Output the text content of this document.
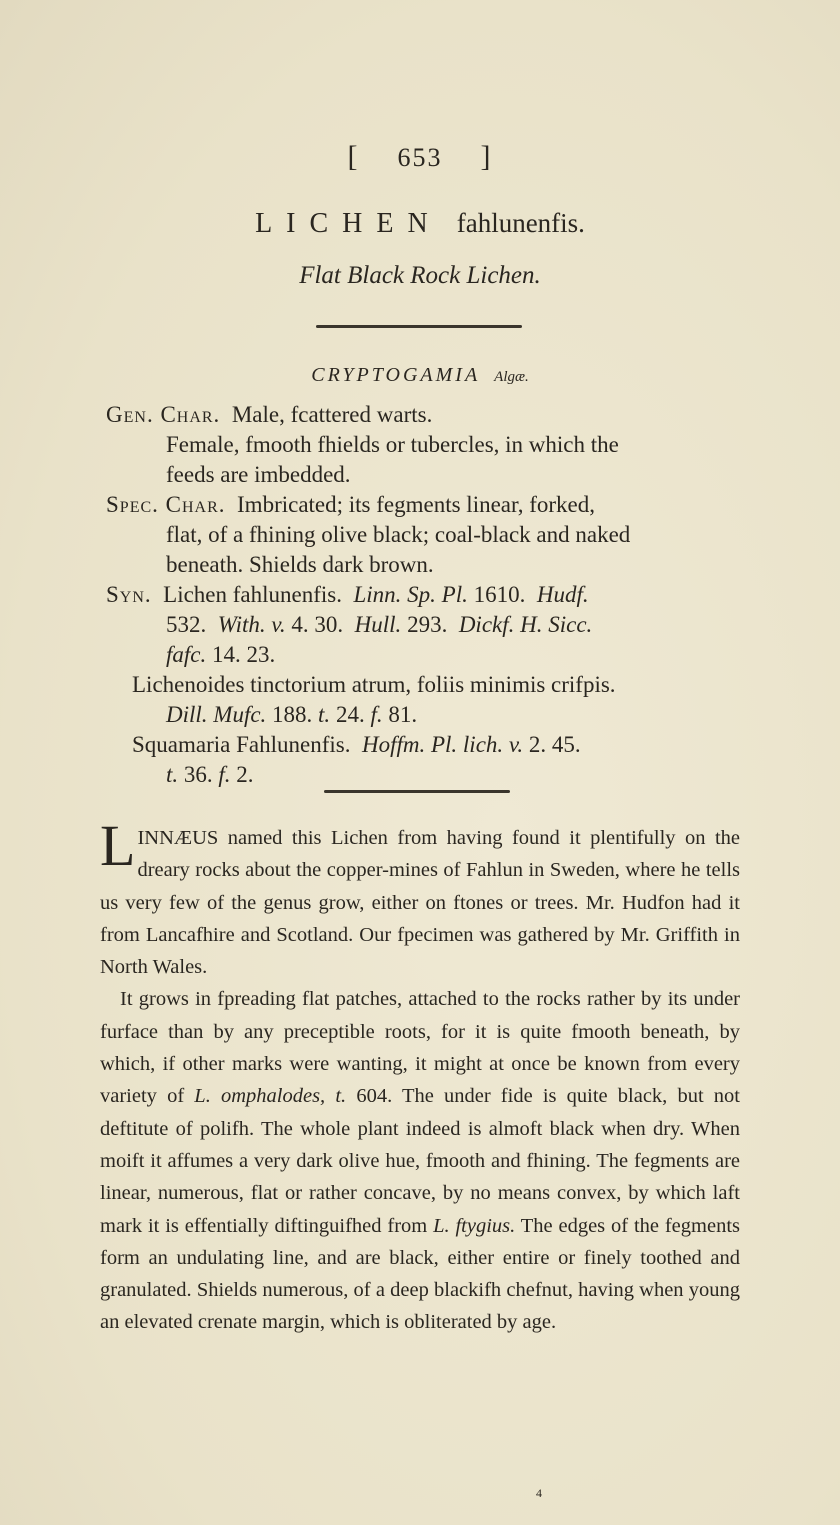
[ 653 ]
LICHEN fahlunenfis.
Flat Black Rock Lichen.
CRYPTOGAMIA Algæ.
Gen. Char. Male, fcattered warts.
Female, fmooth fhields or tubercles, in which the
feeds are imbedded.
Spec. Char. Imbricated; its fegments linear, forked,
flat, of a fhining olive black; coal-black and naked
beneath. Shields dark brown.
Syn. Lichen fahlunenfis. Linn. Sp. Pl. 1610. Hudf.
532. With. v. 4. 30. Hull. 293. Dickf. H. Sicc.
fafc. 14. 23.
Lichenoides tinctorium atrum, foliis minimis crifpis.
Dill. Mufc. 188. t. 24. f. 81.
Squamaria Fahlunenfis. Hoffm. Pl. lich. v. 2. 45.
t. 36. f. 2.

LINNÆUS named this Lichen from having found it plentifully on the dreary rocks about the copper-mines of Fahlun in Sweden, where he tells us very few of the genus grow, either on ftones or trees. Mr. Hudfon had it from Lancafhire and Scotland. Our fpecimen was gathered by Mr. Griffith in North Wales.

It grows in fpreading flat patches, attached to the rocks rather by its under furface than by any preceptible roots, for it is quite fmooth beneath, by which, if other marks were wanting, it might at once be known from every variety of L. omphalodes, t. 604. The under fide is quite black, but not deftitute of polifh. The whole plant indeed is almoft black when dry. When moift it affumes a very dark olive hue, fmooth and fhining. The fegments are linear, numerous, flat or rather concave, by no means convex, by which laft mark it is effentially diftinguifhed from L. ftygius. The edges of the fegments form an undulating line, and are black, either entire or finely toothed and granulated. Shields numerous, of a deep blackifh chefnut, having when young an elevated crenate margin, which is obliterated by age.

4
